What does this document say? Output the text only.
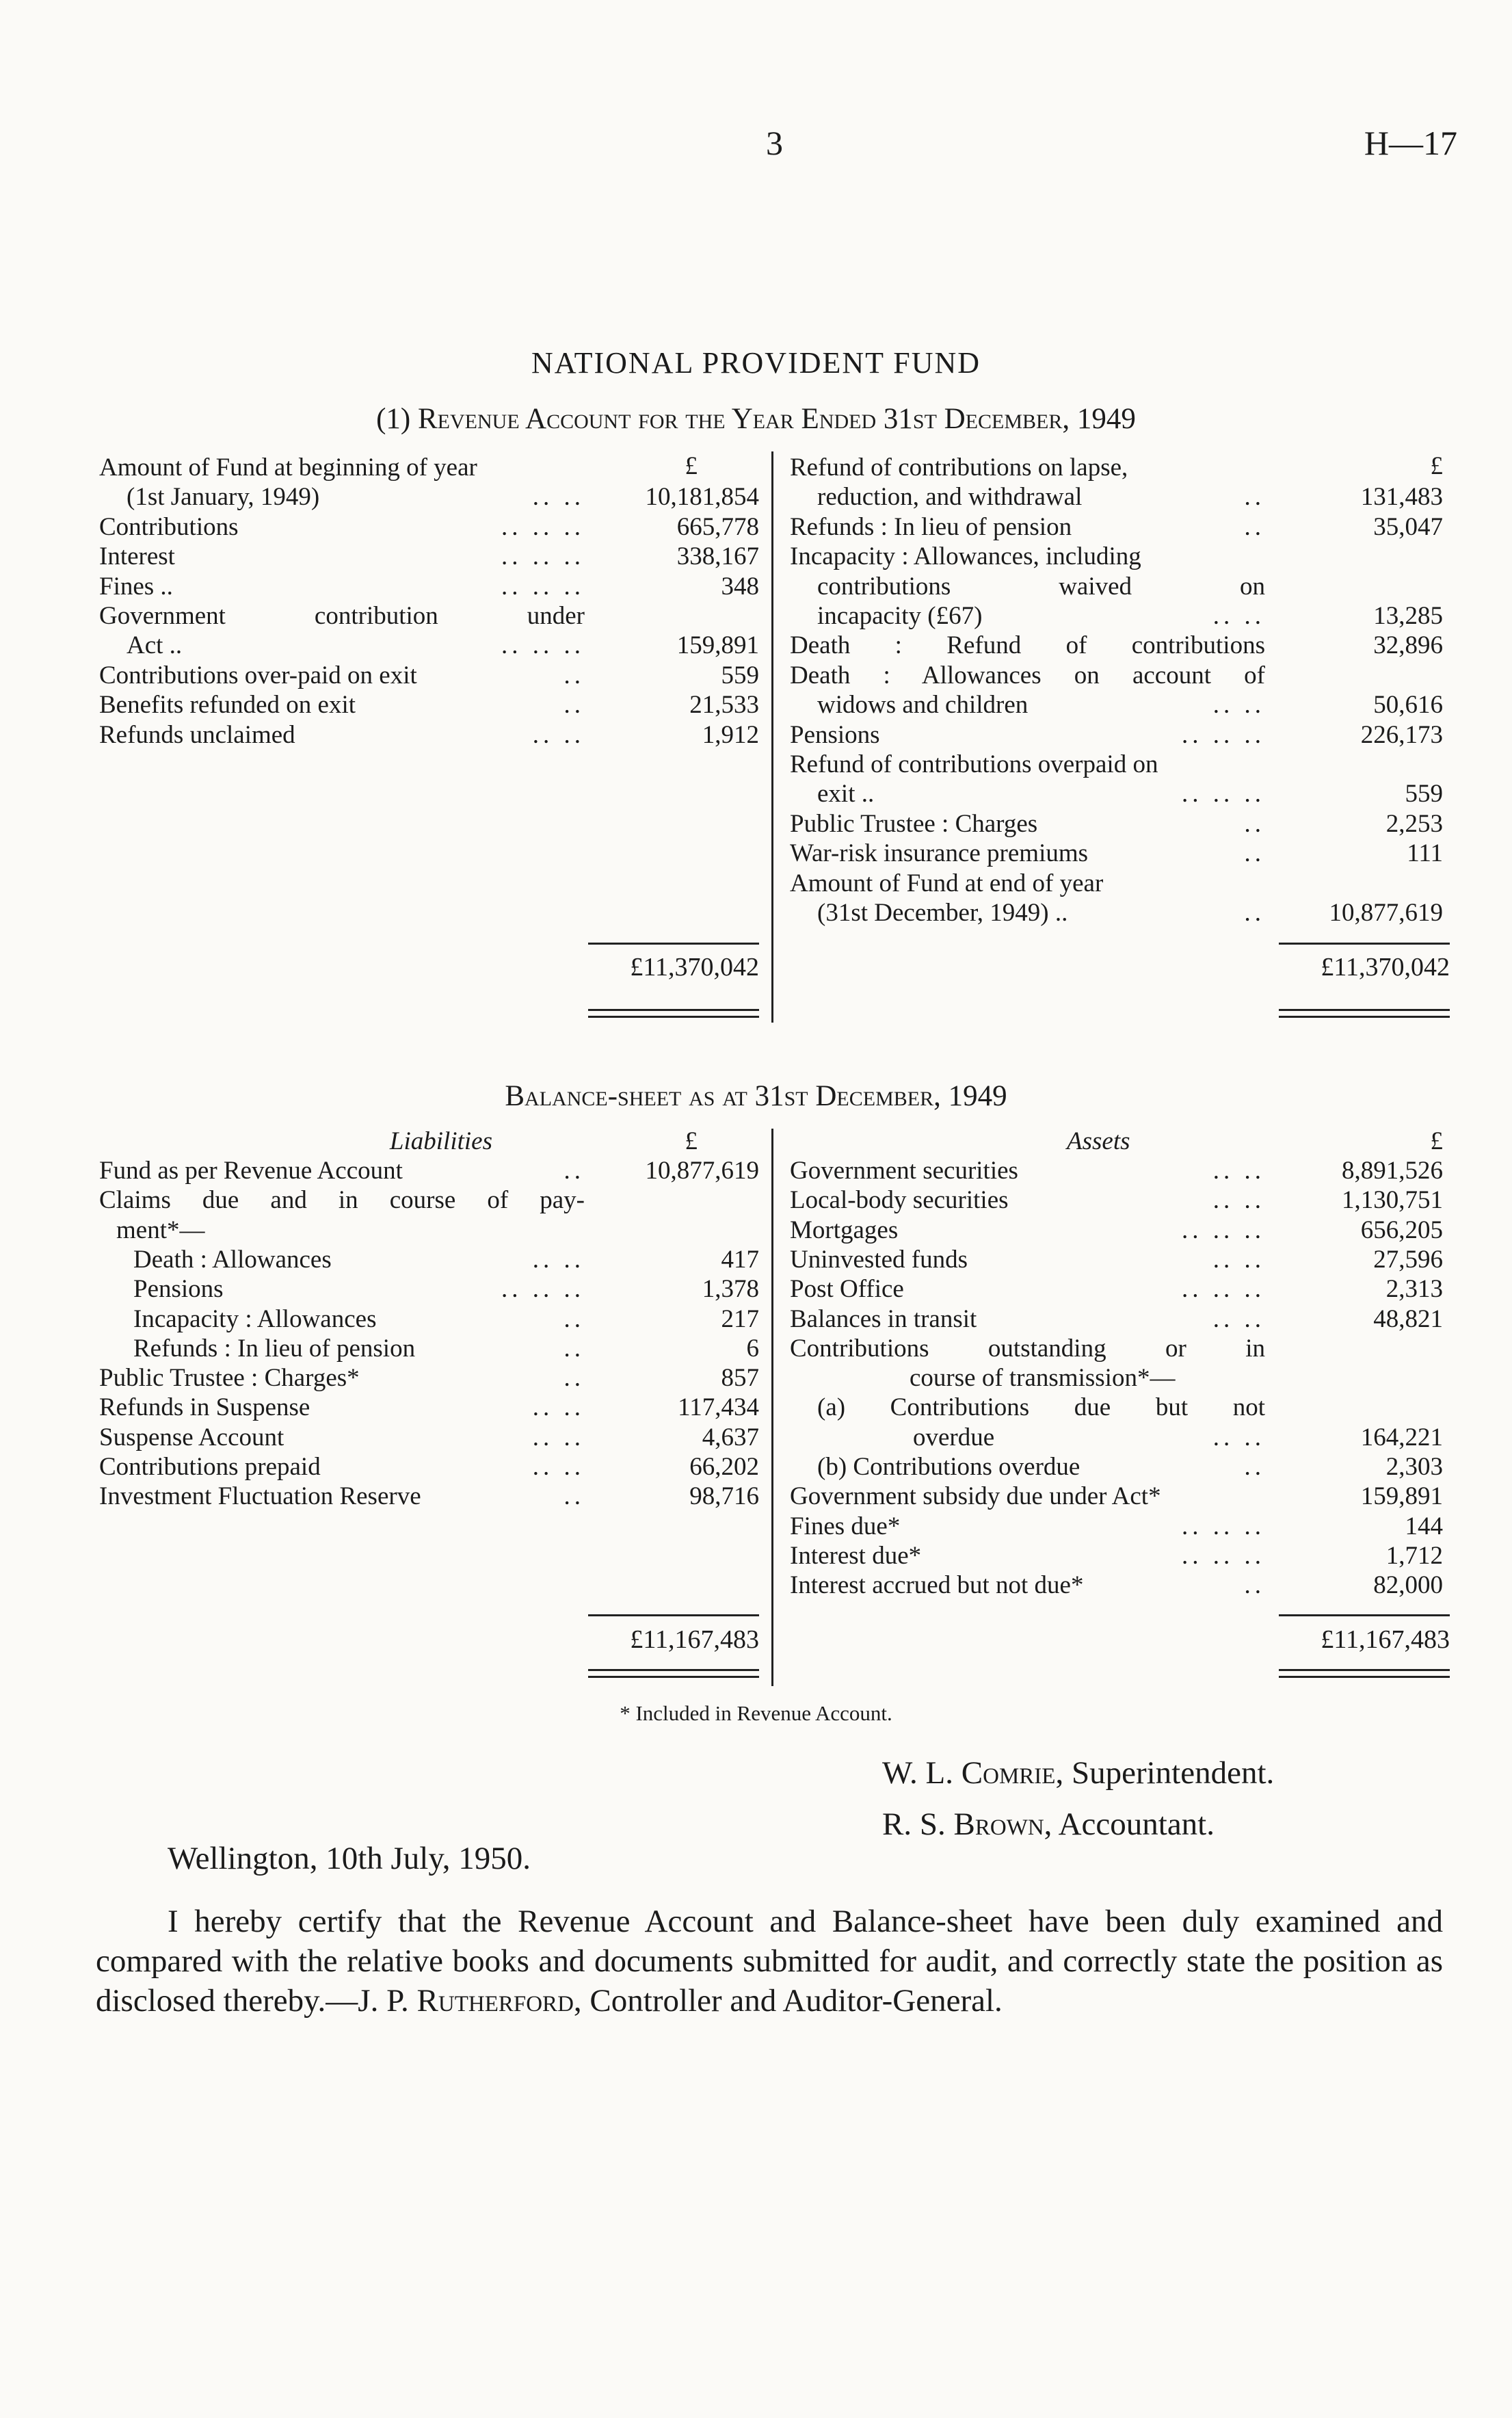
3	H—17
NATIONAL PROVIDENT FUND
(1) Revenue Account for the Year Ended 31st December, 1949
£	£
Amount of Fund at beginning of year
(1st January, 1949)	.. .. 10,181,854
Contributions	.. .. ..	665,778
Interest	.. .. ..	338,167
Fines ..	.. .. ..	348
Government contribution under
Act ..	.. .. ..	159,891
Contributions over-paid on exit	..	559
Benefits refunded on exit	..	21,533
Refunds unclaimed	.. ..	1,912
Refund of contributions on lapse,
reduction, and withdrawal	..	131,483
Refunds : In lieu of pension	..	35,047
Incapacity : Allowances, including
contributions waived on
incapacity (£67)	.. ..	13,285
Death : Refund of contributions	32,896
Death : Allowances on account of
widows and children	.. ..	50,616
Pensions	.. .. ..	226,173
Refund of contributions overpaid on
exit ..	.. .. ..	559
Public Trustee : Charges	..	2,253
War-risk insurance premiums	..	111
Amount of Fund at end of year
(31st December, 1949) ..	..	10,877,619
£11,370,042	£11,370,042
Balance-sheet as at 31st December, 1949
Liabilities	£	Assets	£
Fund as per Revenue Account	.. 10,877,619
Claims due and in course of pay-
ment*—
Death : Allowances	.. ..	417
Pensions	.. .. ..	1,378
Incapacity : Allowances	..	217
Refunds : In lieu of pension	..	6
Public Trustee : Charges*	..	857
Refunds in Suspense	.. ..	117,434
Suspense Account	.. ..	4,637
Contributions prepaid	.. ..	66,202
Investment Fluctuation Reserve	..	98,716
Government securities	.. ..	8,891,526
Local-body securities	.. ..	1,130,751
Mortgages	.. .. ..	656,205
Uninvested funds	.. ..	27,596
Post Office	.. .. ..	2,313
Balances in transit	.. ..	48,821
Contributions outstanding or in
course of transmission*—
(a) Contributions due but not
overdue	.. ..	164,221
(b) Contributions overdue	..	2,303
Government subsidy due under Act*	159,891
Fines due*	.. .. ..	144
Interest due*	.. .. ..	1,712
Interest accrued but not due*	..	82,000
£11,167,483	£11,167,483
* Included in Revenue Account.
W. L. Comrie, Superintendent.
R. S. Brown, Accountant.
Wellington, 10th July, 1950.
I hereby certify that the Revenue Account and Balance-sheet have been duly examined and compared with the relative books and documents submitted for audit, and correctly state the position as disclosed thereby.—J. P. Rutherford, Controller and Auditor-General.
